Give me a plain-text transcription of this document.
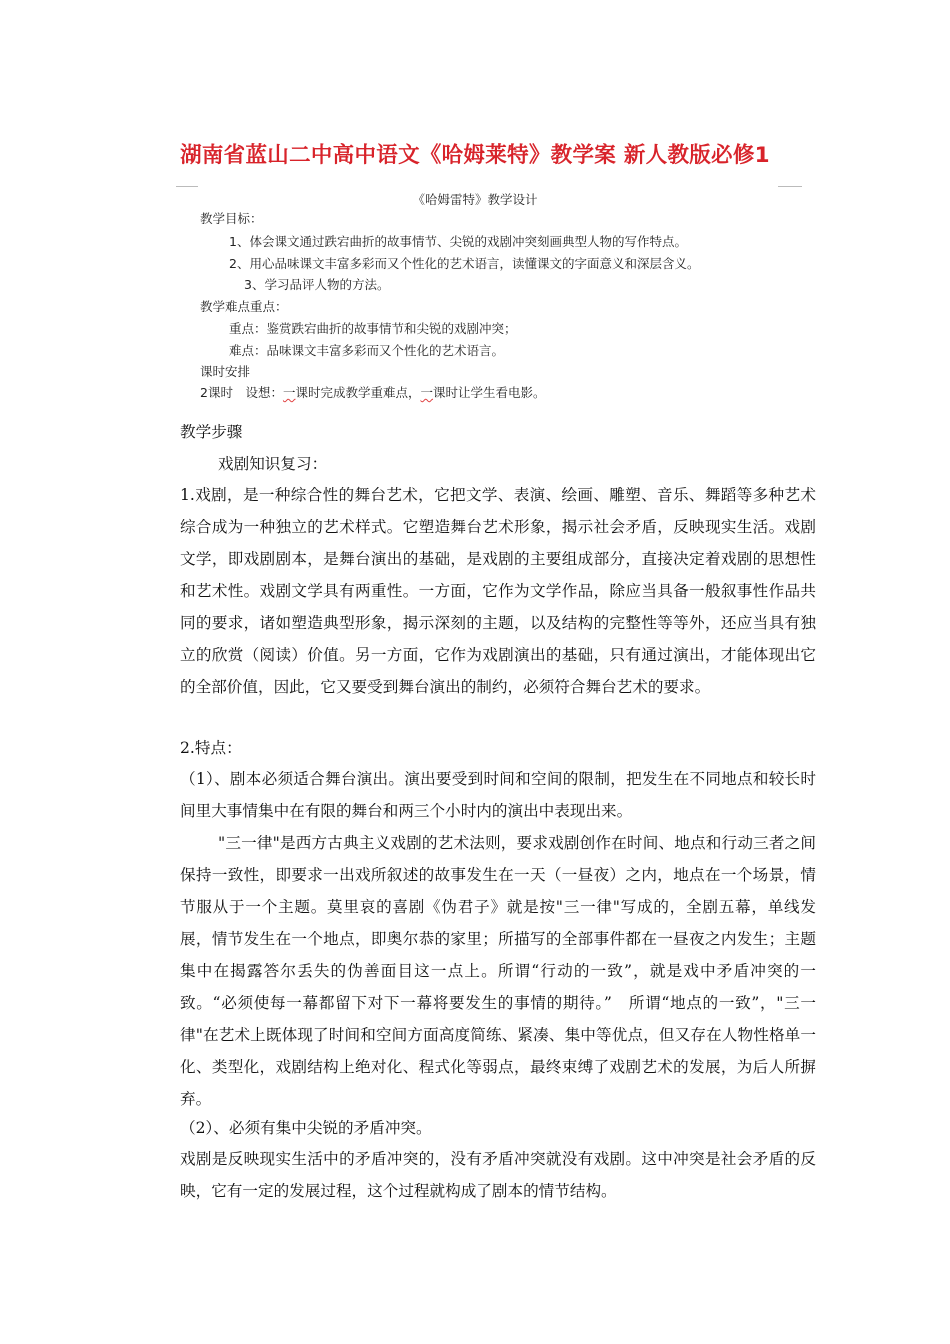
湖南省蓝山二中高中语文《哈姆莱特》教学案 新人教版必修1
《哈姆雷特》教学设计
教学目标：
1、体会课文通过跌宕曲折的故事情节、尖锐的戏剧冲突刻画典型人物的写作特点。
2、用心品味课文丰富多彩而又个性化的艺术语言，读懂课文的字面意义和深层含义。
3、学习品评人物的方法。
教学难点重点：
重点：鉴赏跌宕曲折的故事情节和尖锐的戏剧冲突；
难点：品味课文丰富多彩而又个性化的艺术语言。
课时安排
2课时　设想：一课时完成教学重难点，一课时让学生看电影。
教学步骤
戏剧知识复习：

1.戏剧，是一种综合性的舞台艺术，它把文学、表演、绘画、雕塑、音乐、舞蹈等多种艺术综合成为一种独立的艺术样式。它塑造舞台艺术形象，揭示社会矛盾，反映现实生活。戏剧文学，即戏剧剧本，是舞台演出的基础，是戏剧的主要组成部分，直接决定着戏剧的思想性和艺术性。戏剧文学具有两重性。一方面，它作为文学作品，除应当具备一般叙事性作品共同的要求，诸如塑造典型形象，揭示深刻的主题，以及结构的完整性等等外，还应当具有独立的欣赏（阅读）价值。另一方面，它作为戏剧演出的基础，只有通过演出，才能体现出它的全部价值，因此，它又要受到舞台演出的制约，必须符合舞台艺术的要求。

2.特点：

（1）、剧本必须适合舞台演出。演出要受到时间和空间的限制，把发生在不同地点和较长时间里大事情集中在有限的舞台和两三个小时内的演出中表现出来。

"三一律"是西方古典主义戏剧的艺术法则，要求戏剧创作在时间、地点和行动三者之间保持一致性，即要求一出戏所叙述的故事发生在一天（一昼夜）之内，地点在一个场景，情节服从于一个主题。莫里哀的喜剧《伪君子》就是按"三一律"写成的，全剧五幕，单线发展，情节发生在一个地点，即奥尔恭的家里；所描写的全部事件都在一昼夜之内发生；主题集中在揭露答尔丢失的伪善面目这一点上。所谓“行动的一致”，就是戏中矛盾冲突的一致。“必须使每一幕都留下对下一幕将要发生的事情的期待。”　所谓“地点的一致”，"三一律"在艺术上既体现了时间和空间方面高度简练、紧凑、集中等优点，但又存在人物性格单一化、类型化，戏剧结构上绝对化、程式化等弱点，最终束缚了戏剧艺术的发展，为后人所摒弃。

（2）、必须有集中尖锐的矛盾冲突。

戏剧是反映现实生活中的矛盾冲突的，没有矛盾冲突就没有戏剧。这中冲突是社会矛盾的反映，它有一定的发展过程，这个过程就构成了剧本的情节结构。
